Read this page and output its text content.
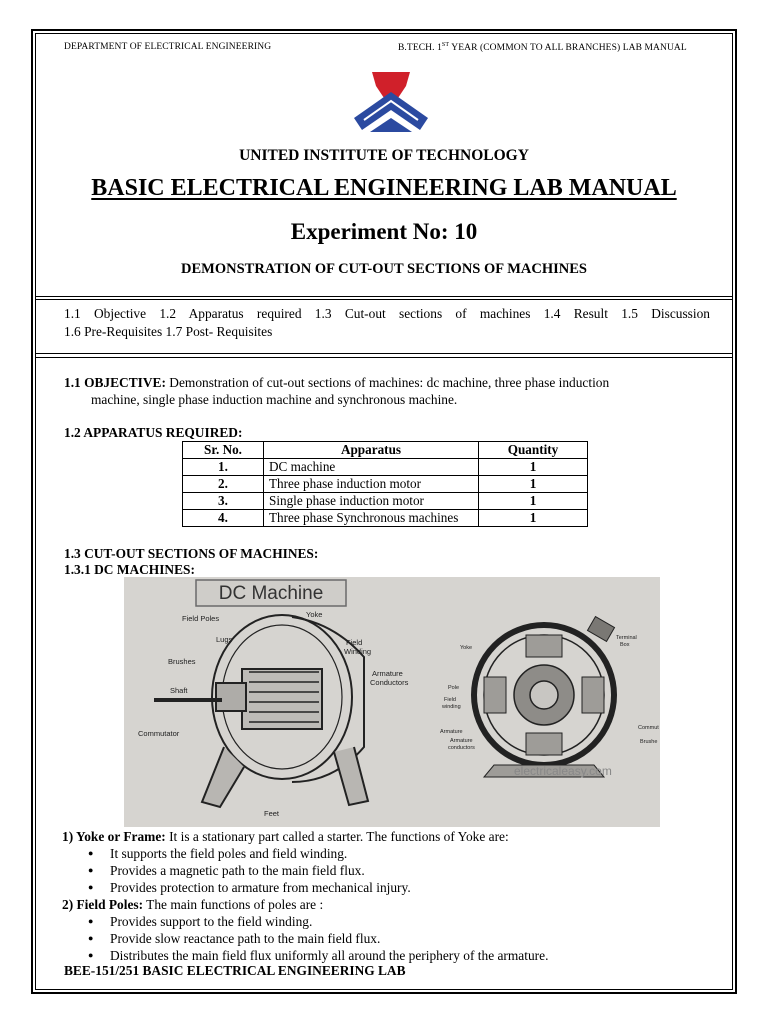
DEPARTMENT OF ELECTRICAL ENGINEERING	B.TECH. 1ST YEAR (COMMON TO ALL BRANCHES) LAB MANUAL
UNITED INSTITUTE OF TECHNOLOGY
BASIC ELECTRICAL ENGINEERING LAB MANUAL
Experiment No: 10
DEMONSTRATION OF CUT-OUT SECTIONS OF MACHINES
1.1 Objective 1.2 Apparatus required 1.3 Cut-out sections of machines 1.4 Result 1.5 Discussion
1.6 Pre-Requisites 1.7 Post- Requisites
1.1 OBJECTIVE: Demonstration of cut-out sections of machines: dc machine, three phase induction
machine, single phase induction machine and synchronous machine.
1.2 APPARATUS REQUIRED:
Sr. No.	Apparatus	Quantity
1.	DC machine	1
2.	Three phase induction motor	1
3.	Single phase induction motor	1
4.	Three phase Synchronous machines	1
1.3 CUT-OUT SECTIONS OF MACHINES:
1.3.1 DC MACHINES:
DC Machine
Field Poles
Lugs
Brushes
Shaft
Commutator
Yoke
Field
Winding
Armature
Conductors
Feet
Yoke
Terminal
Box
Pole
Field
winding
Armature
Armature
conductors
Commut
Brushe
electricaleasy.com
1) Yoke or Frame: It is a stationary part called a starter. The functions of Yoke are:
● It supports the field poles and field winding.
● Provides a magnetic path to the main field flux.
● Provides protection to armature from mechanical injury.
2) Field Poles: The main functions of poles are :
● Provides support to the field winding.
● Provide slow reactance path to the main field flux.
● Distributes the main field flux uniformly all around the periphery of the armature.
BEE-151/251 BASIC ELECTRICAL ENGINEERING LAB
